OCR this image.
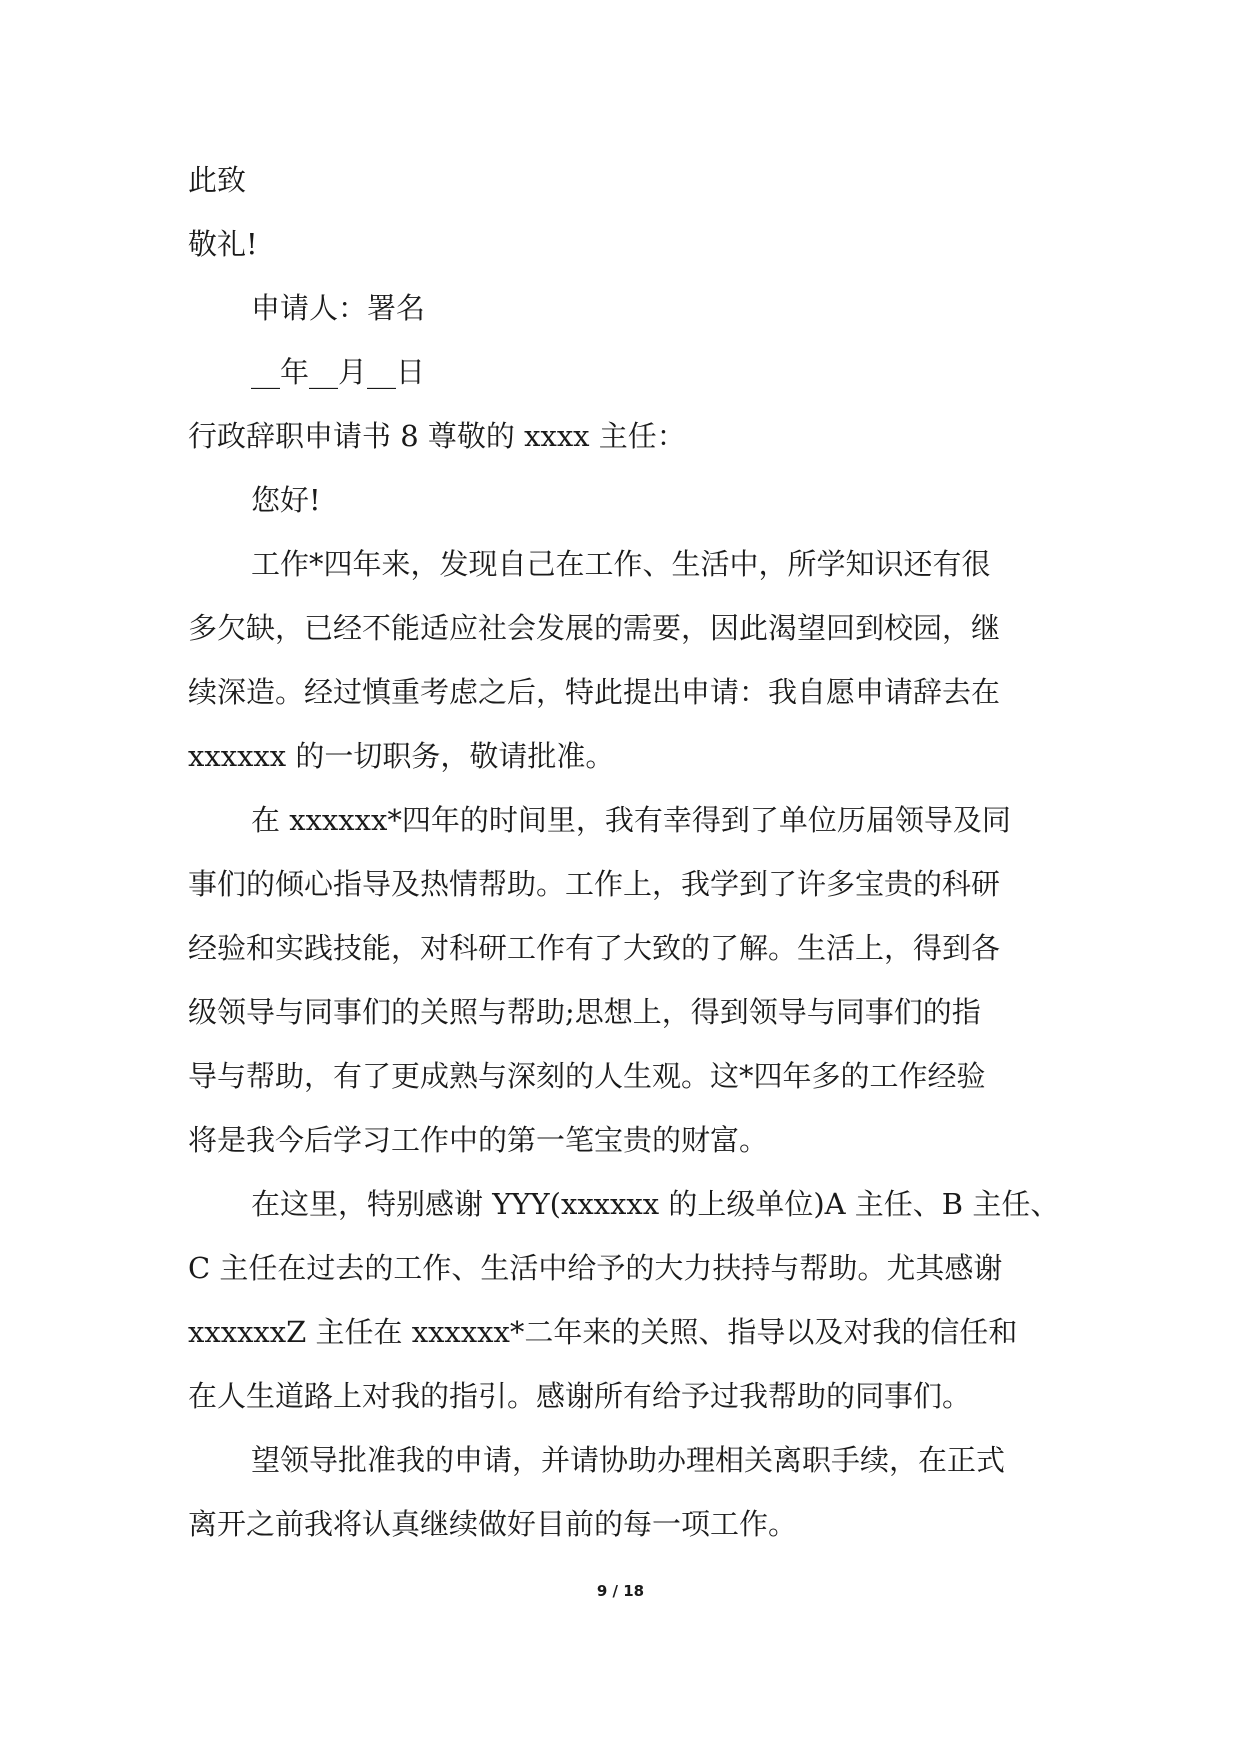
此致
敬礼!
申请人：署名
__年__月__日
行政辞职申请书 8 尊敬的 xxxx 主任：
您好!
工作*四年来，发现自己在工作、生活中，所学知识还有很
多欠缺，已经不能适应社会发展的需要，因此渴望回到校园，继
续深造。经过慎重考虑之后，特此提出申请：我自愿申请辞去在
xxxxxx 的一切职务，敬请批准。
在 xxxxxx*四年的时间里，我有幸得到了单位历届领导及同
事们的倾心指导及热情帮助。工作上，我学到了许多宝贵的科研
经验和实践技能，对科研工作有了大致的了解。生活上，得到各
级领导与同事们的关照与帮助;思想上，得到领导与同事们的指
导与帮助，有了更成熟与深刻的人生观。这*四年多的工作经验
将是我今后学习工作中的第一笔宝贵的财富。
在这里，特别感谢 YYY(xxxxxx 的上级单位)A 主任、B 主任、
C 主任在过去的工作、生活中给予的大力扶持与帮助。尤其感谢
xxxxxxZ 主任在 xxxxxx*二年来的关照、指导以及对我的信任和
在人生道路上对我的指引。感谢所有给予过我帮助的同事们。
望领导批准我的申请，并请协助办理相关离职手续，在正式
离开之前我将认真继续做好目前的每一项工作。
9 / 18
